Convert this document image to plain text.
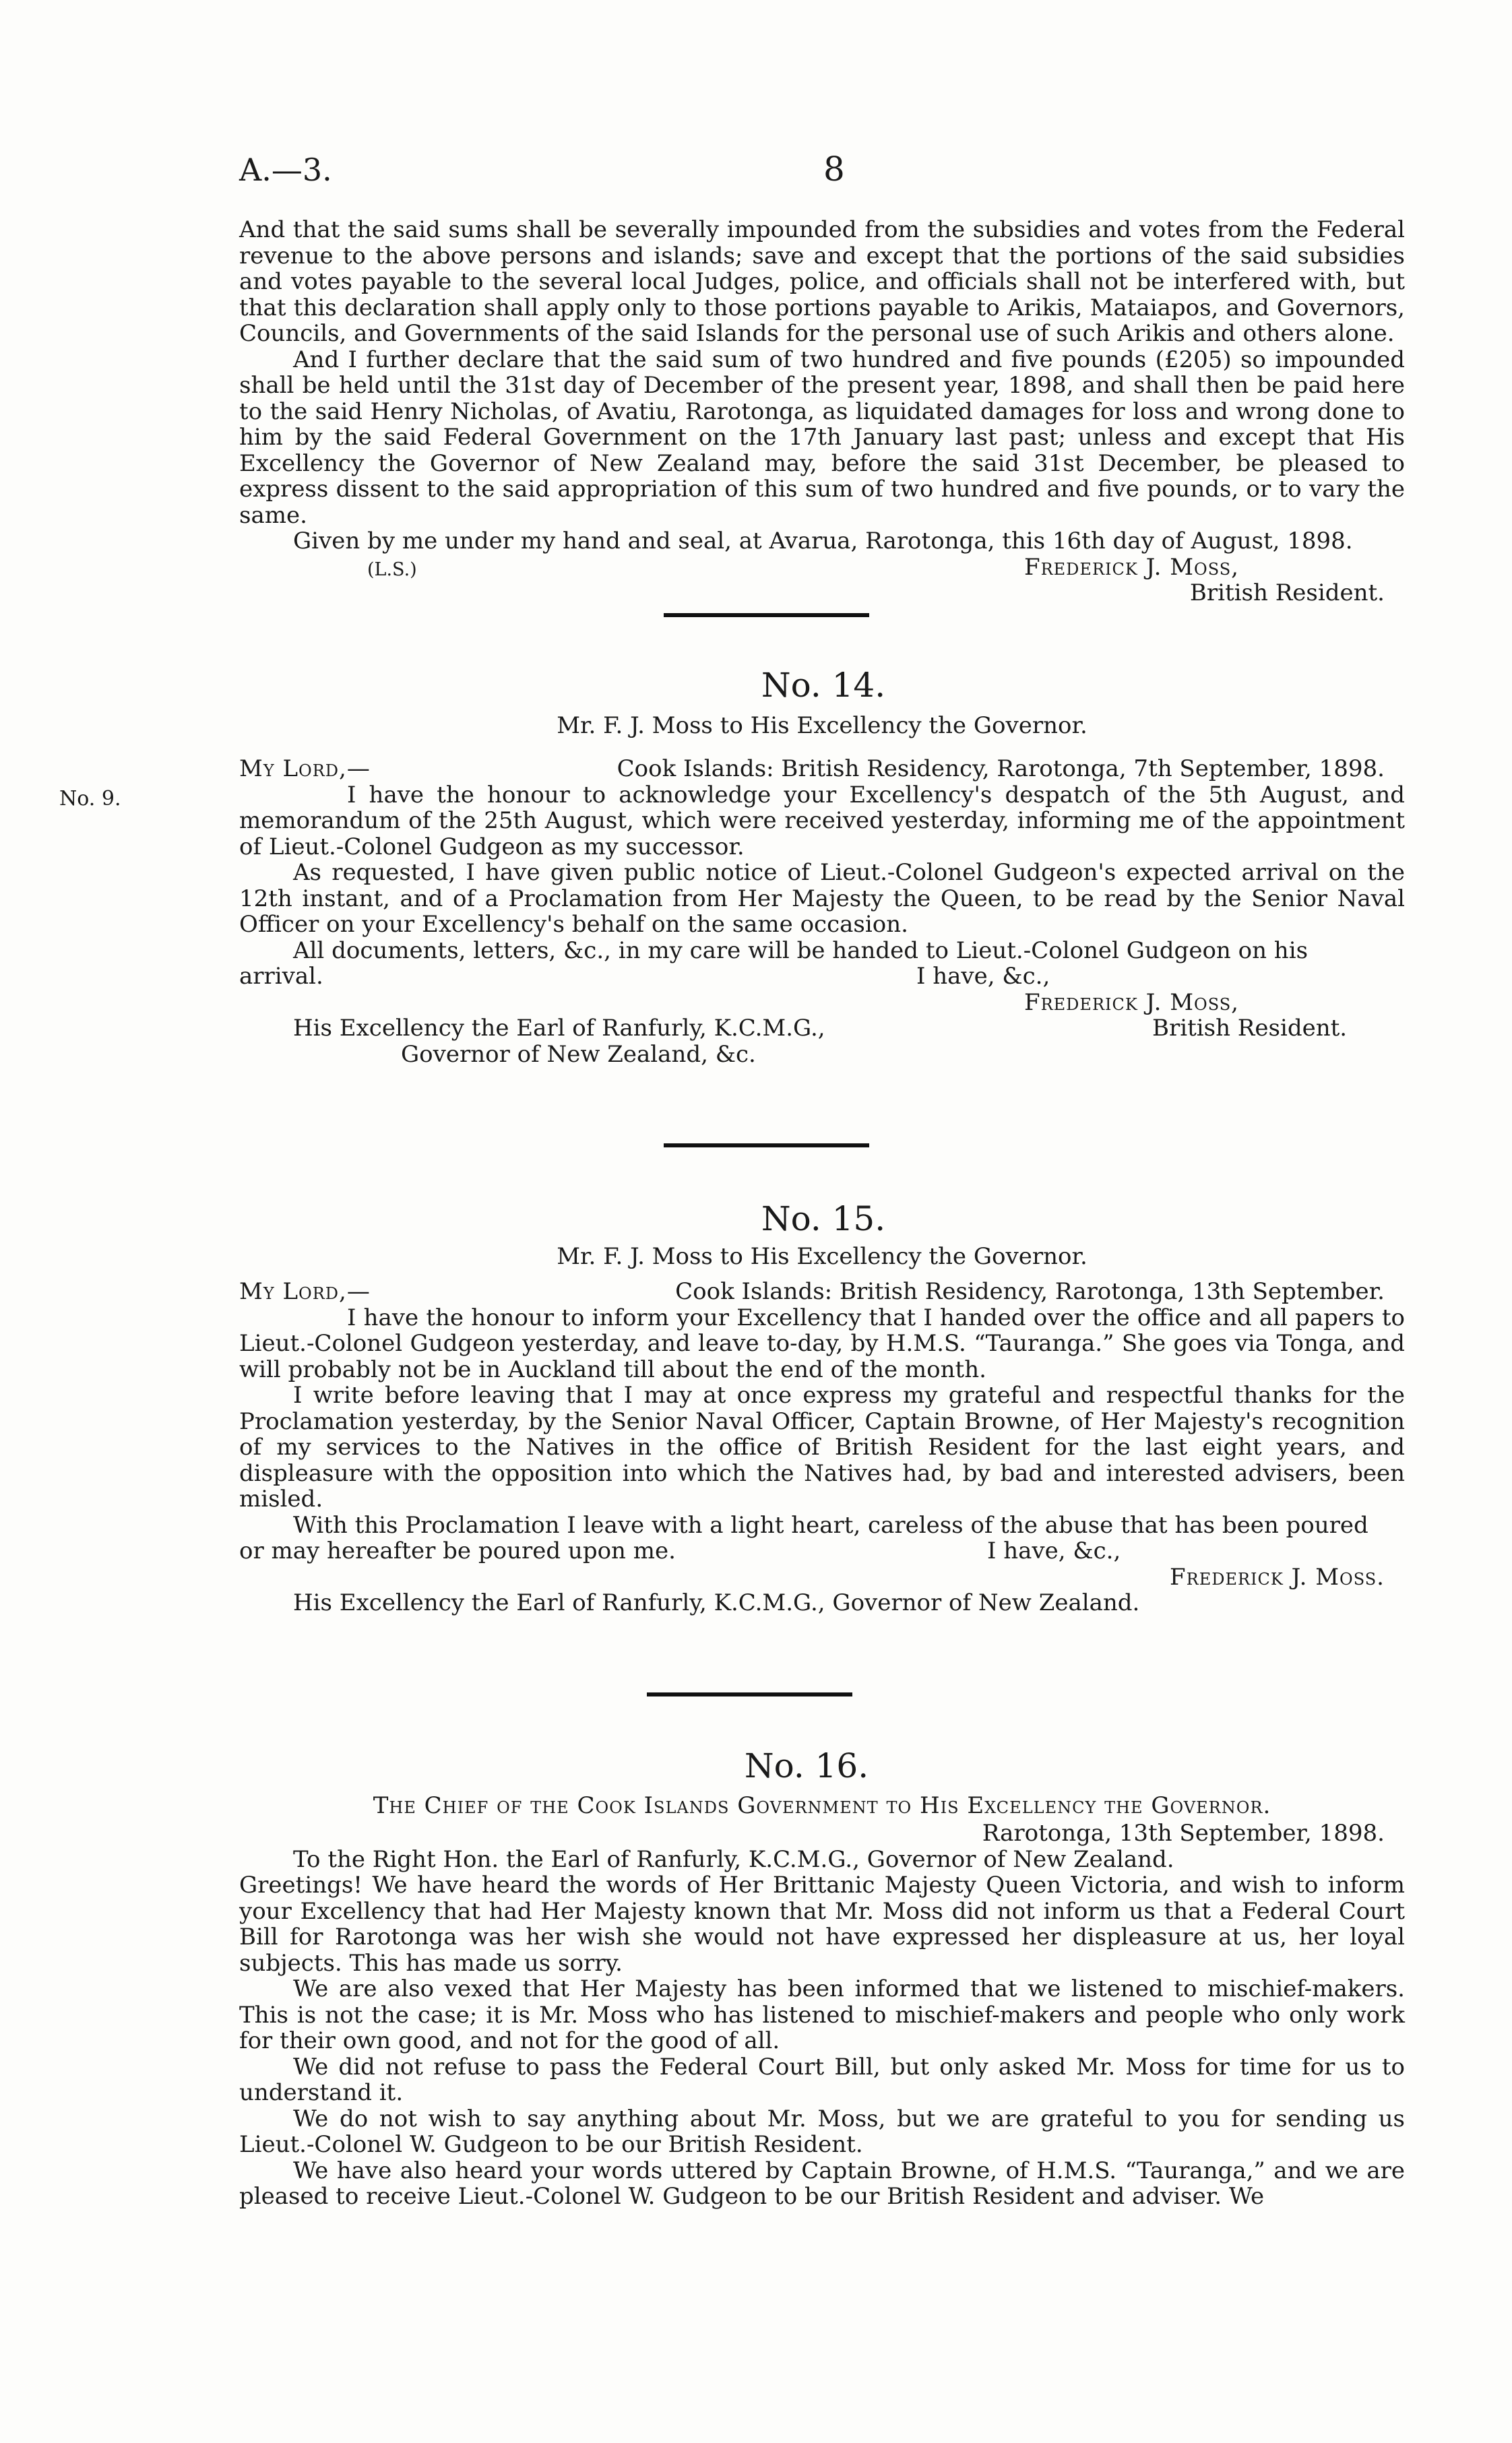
A.—3.	8

And that the said sums shall be severally impounded from the subsidies and votes from the Federal revenue to the above persons and islands; save and except that the portions of the said subsidies and votes payable to the several local Judges, police, and officials shall not be interfered with, but that this declaration shall apply only to those portions payable to Arikis, Mataiapos, and Governors, Councils, and Governments of the said Islands for the personal use of such Arikis and others alone.

And I further declare that the said sum of two hundred and five pounds (£205) so impounded shall be held until the 31st day of December of the present year, 1898, and shall then be paid here to the said Henry Nicholas, of Avatiu, Rarotonga, as liquidated damages for loss and wrong done to him by the said Federal Government on the 17th January last past; unless and except that His Excellency the Governor of New Zealand may, before the said 31st December, be pleased to express dissent to the said appropriation of this sum of two hundred and five pounds, or to vary the same.

Given by me under my hand and seal, at Avarua, Rarotonga, this 16th day of August, 1898.

(L.S.)	Frederick J. Moss,
British Resident.
No. 14.
Mr. F. J. Moss to His Excellency the Governor.
No. 9.
My Lord,—	Cook Islands: British Residency, Rarotonga, 7th September, 1898.

I have the honour to acknowledge your Excellency's despatch of the 5th August, and memorandum of the 25th August, which were received yesterday, informing me of the appointment of Lieut.-Colonel Gudgeon as my successor.

As requested, I have given public notice of Lieut.-Colonel Gudgeon's expected arrival on the 12th instant, and of a Proclamation from Her Majesty the Queen, to be read by the Senior Naval Officer on your Excellency's behalf on the same occasion.

All documents, letters, &c., in my care will be handed to Lieut.-Colonel Gudgeon on his
arrival.	I have, &c.,
Frederick J. Moss,
His Excellency the Earl of Ranfurly, K.C.M.G.,	British Resident.
Governor of New Zealand, &c.
No. 15.
Mr. F. J. Moss to His Excellency the Governor.
My Lord,—	Cook Islands: British Residency, Rarotonga, 13th September.

I have the honour to inform your Excellency that I handed over the office and all papers to Lieut.-Colonel Gudgeon yesterday, and leave to-day, by H.M.S. “Tauranga.” She goes via Tonga, and will probably not be in Auckland till about the end of the month.

I write before leaving that I may at once express my grateful and respectful thanks for the Proclamation yesterday, by the Senior Naval Officer, Captain Browne, of Her Majesty's recognition of my services to the Natives in the office of British Resident for the last eight years, and displeasure with the opposition into which the Natives had, by bad and interested advisers, been misled.

With this Proclamation I leave with a light heart, careless of the abuse that has been poured
or may hereafter be poured upon me.	I have, &c.,
Frederick J. Moss.
His Excellency the Earl of Ranfurly, K.C.M.G., Governor of New Zealand.
No. 16.
The Chief of the Cook Islands Government to His Excellency the Governor.
Rarotonga, 13th September, 1898.

To the Right Hon. the Earl of Ranfurly, K.C.M.G., Governor of New Zealand.

Greetings! We have heard the words of Her Brittanic Majesty Queen Victoria, and wish to inform your Excellency that had Her Majesty known that Mr. Moss did not inform us that a Federal Court Bill for Rarotonga was her wish she would not have expressed her displeasure at us, her loyal subjects. This has made us sorry.

We are also vexed that Her Majesty has been informed that we listened to mischief-makers. This is not the case; it is Mr. Moss who has listened to mischief-makers and people who only work for their own good, and not for the good of all.

We did not refuse to pass the Federal Court Bill, but only asked Mr. Moss for time for us to understand it.

We do not wish to say anything about Mr. Moss, but we are grateful to you for sending us Lieut.-Colonel W. Gudgeon to be our British Resident.

We have also heard your words uttered by Captain Browne, of H.M.S. “Tauranga,” and we are pleased to receive Lieut.-Colonel W. Gudgeon to be our British Resident and adviser. We
